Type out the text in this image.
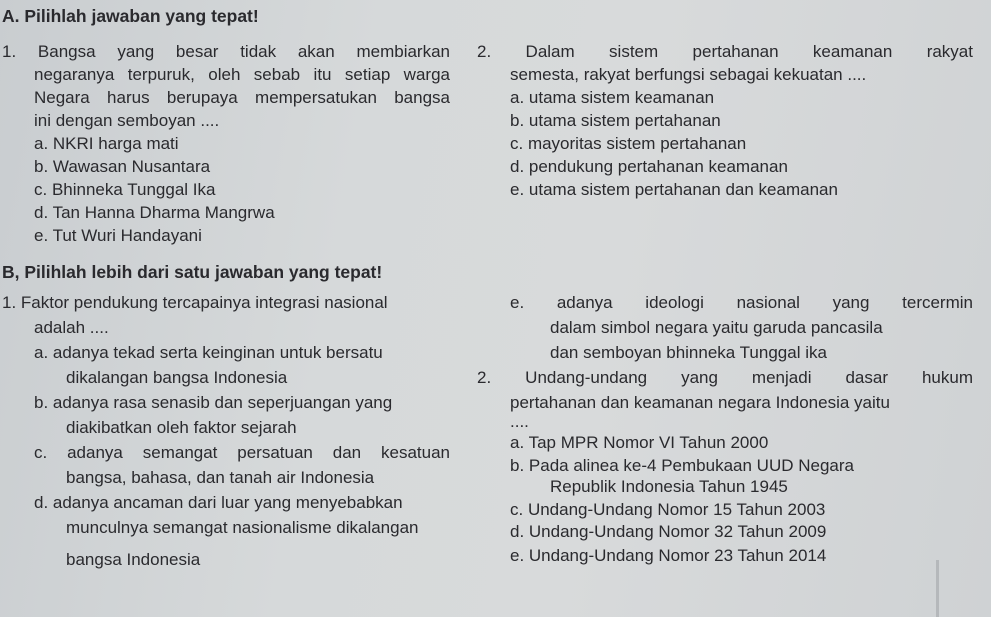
A. Pilihlah jawaban yang tepat!
1. Bangsa yang besar tidak akan membiarkan
negaranya terpuruk, oleh sebab itu setiap warga
Negara harus berupaya mempersatukan bangsa
ini dengan semboyan ....
a. NKRI harga mati
b. Wawasan Nusantara
c. Bhinneka Tunggal Ika
d. Tan Hanna Dharma Mangrwa
e. Tut Wuri Handayani
2. Dalam sistem pertahanan keamanan rakyat
semesta, rakyat berfungsi sebagai kekuatan ....
a. utama sistem keamanan
b. utama sistem pertahanan
c. mayoritas sistem pertahanan
d. pendukung pertahanan keamanan
e. utama sistem pertahanan dan keamanan
B, Pilihlah lebih dari satu jawaban yang tepat!
1. Faktor pendukung tercapainya integrasi nasional
adalah ....
a. adanya tekad serta keinginan untuk bersatu
dikalangan bangsa Indonesia
b. adanya rasa senasib dan seperjuangan yang
diakibatkan oleh faktor sejarah
c. adanya semangat persatuan dan kesatuan
bangsa, bahasa, dan tanah air Indonesia
d. adanya ancaman dari luar yang menyebabkan
munculnya semangat nasionalisme dikalangan
bangsa Indonesia
e. adanya ideologi nasional yang tercermin
dalam simbol negara yaitu garuda pancasila
dan semboyan bhinneka Tunggal ika
2. Undang-undang yang menjadi dasar hukum
pertahanan dan keamanan negara Indonesia yaitu
....
a. Tap MPR Nomor VI Tahun 2000
b. Pada alinea ke-4 Pembukaan UUD Negara
Republik Indonesia Tahun 1945
c. Undang-Undang Nomor 15 Tahun 2003
d. Undang-Undang Nomor 32 Tahun 2009
e. Undang-Undang Nomor 23 Tahun 2014
